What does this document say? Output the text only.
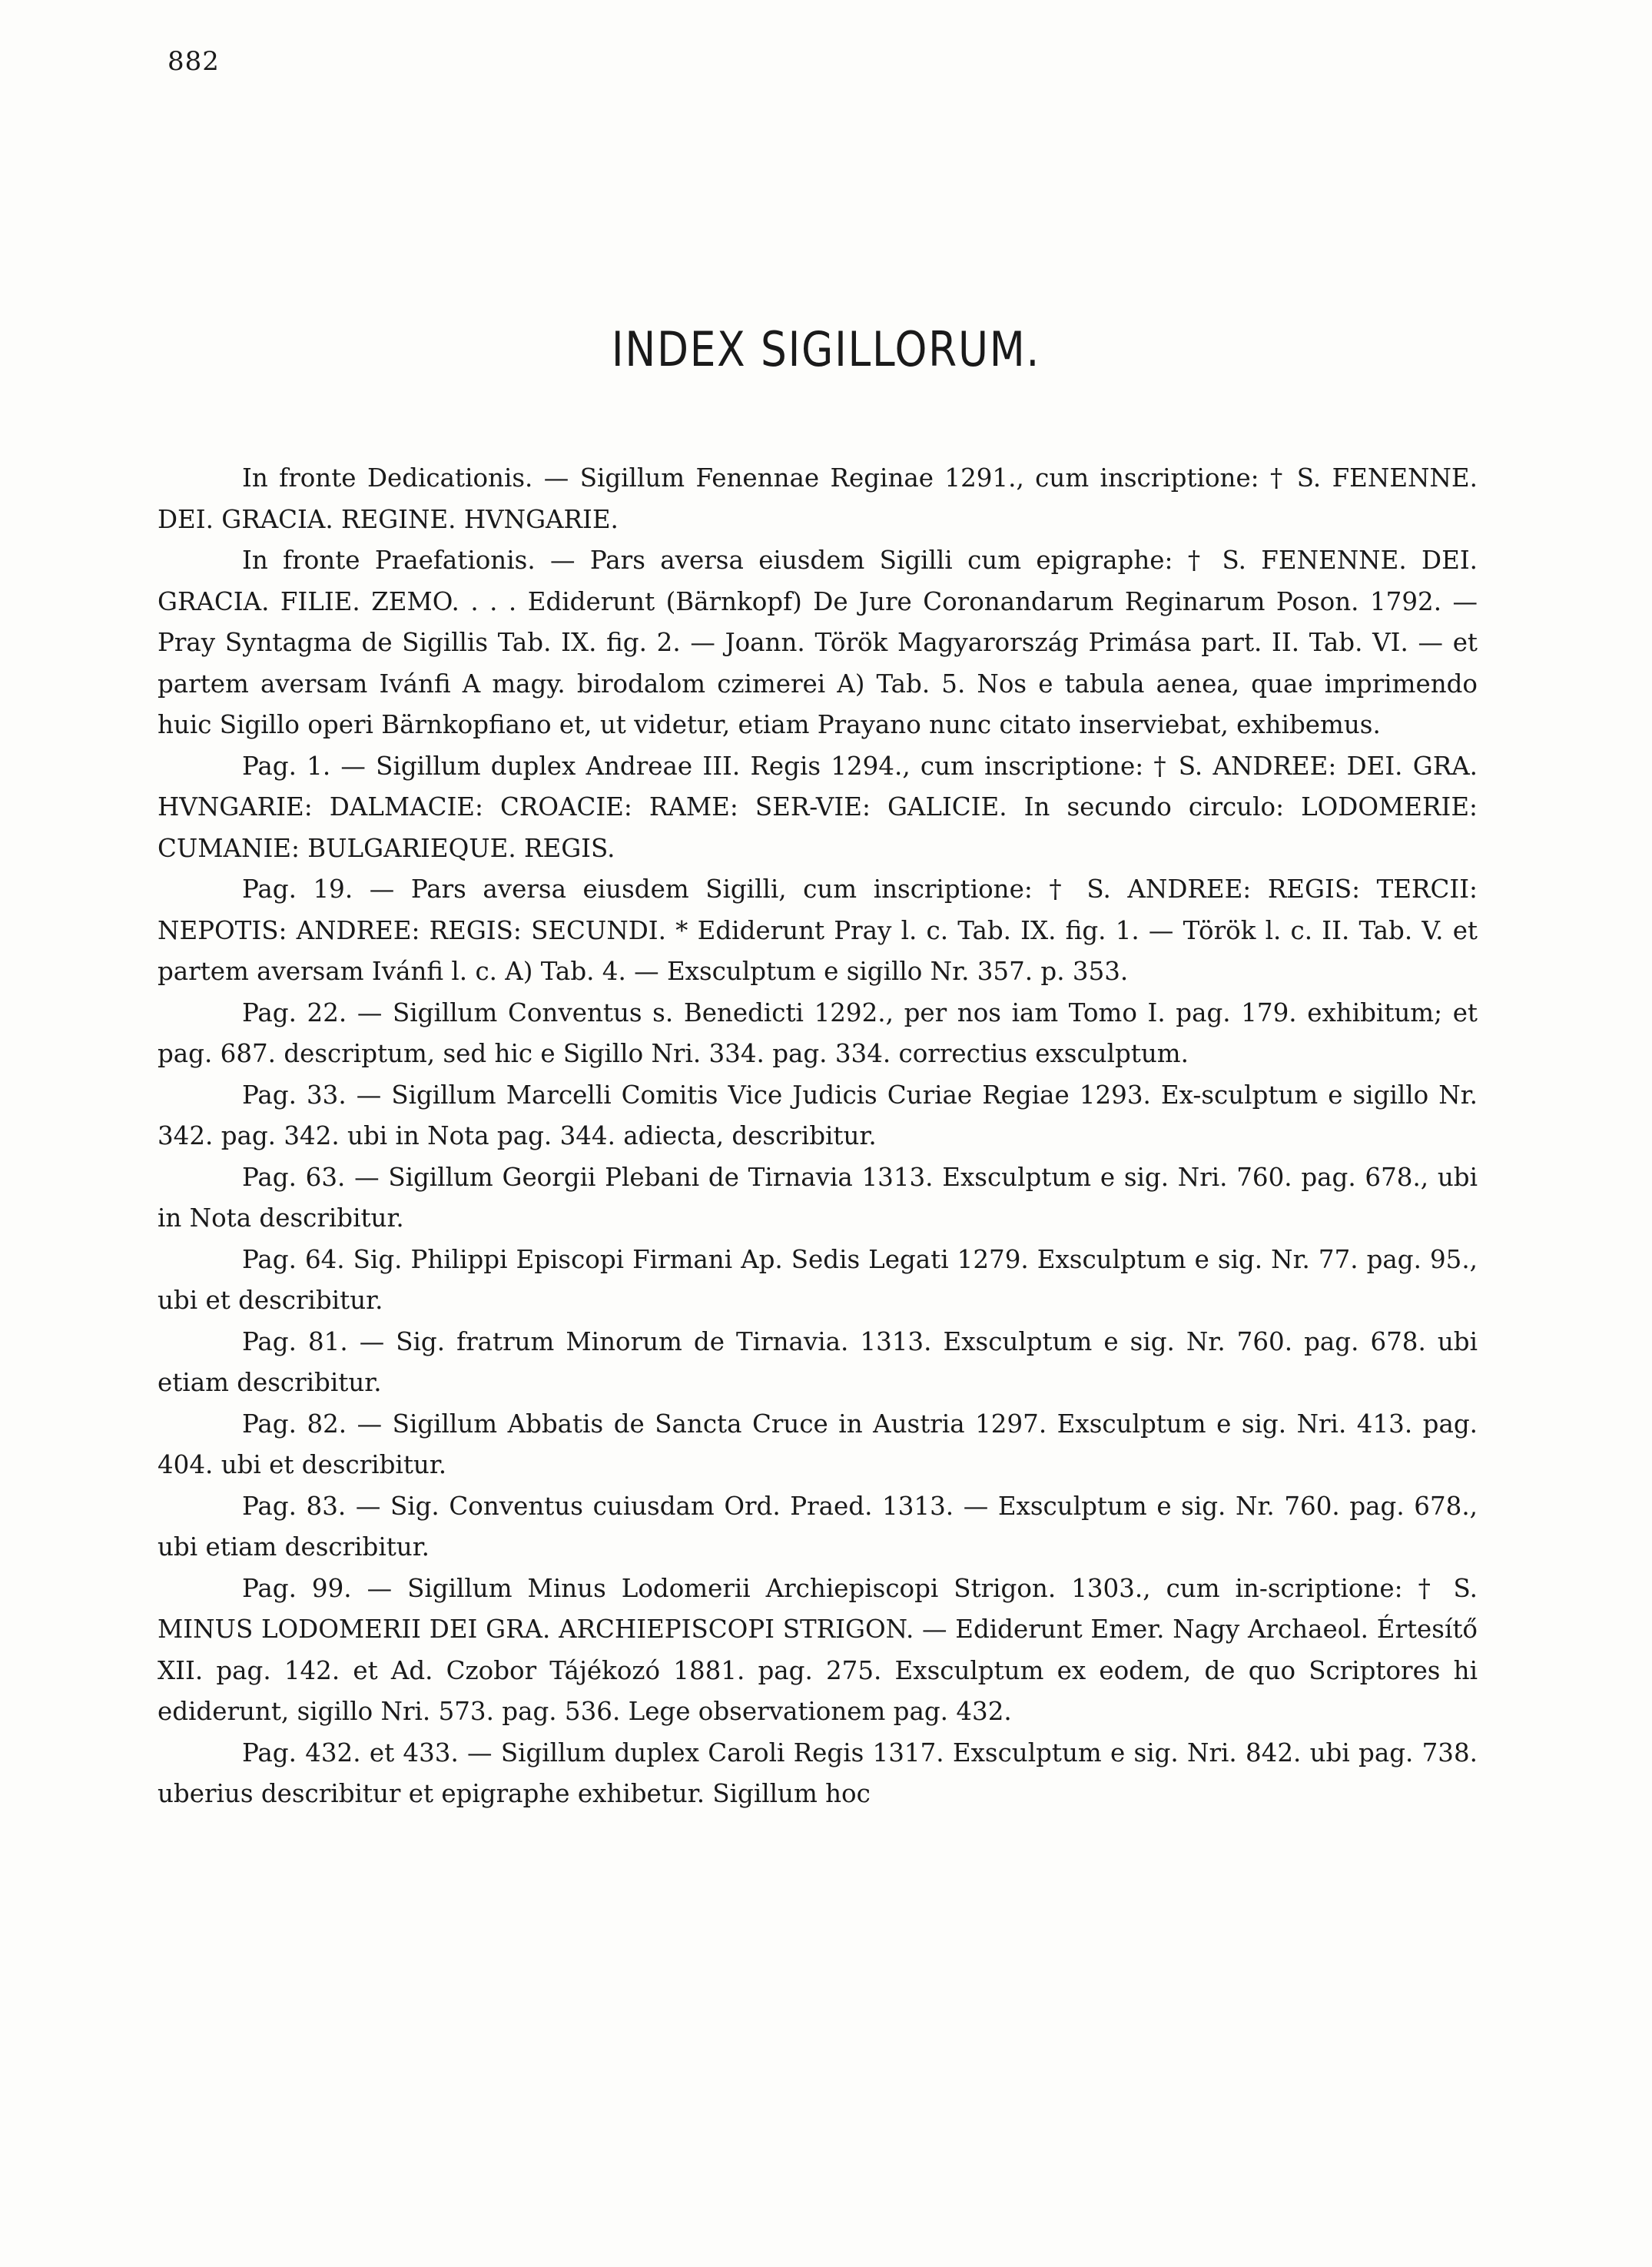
882
INDEX SIGILLORUM.

In fronte Dedicationis. — Sigillum Fenennae Reginae 1291., cum inscriptione: † S. FENENNE. DEI. GRACIA. REGINE. HVNGARIE.

In fronte Praefationis. — Pars aversa eiusdem Sigilli cum epigraphe: † S. FENENNE. DEI. GRACIA. FILIE. ZEMO. . . . Ediderunt (Bärnkopf) De Jure Coronandarum Reginarum Poson. 1792. — Pray Syntagma de Sigillis Tab. IX. fig. 2. — Joann. Török Magyarország Primása part. II. Tab. VI. — et partem aversam Ivánfi A magy. birodalom czimerei A) Tab. 5. Nos e tabula aenea, quae imprimendo huic Sigillo operi Bärnkopfiano et, ut videtur, etiam Prayano nunc citato inserviebat, exhibemus.

Pag. 1. — Sigillum duplex Andreae III. Regis 1294., cum inscriptione: † S. ANDREE: DEI. GRA. HVNGARIE: DALMACIE: CROACIE: RAME: SER-VIE: GALICIE. In secundo circulo: LODOMERIE: CUMANIE: BULGARIEQUE. REGIS.

Pag. 19. — Pars aversa eiusdem Sigilli, cum inscriptione: † S. ANDREE: REGIS: TERCII: NEPOTIS: ANDREE: REGIS: SECUNDI. * Ediderunt Pray l. c. Tab. IX. fig. 1. — Török l. c. II. Tab. V. et partem aversam Ivánfi l. c. A) Tab. 4. — Exsculptum e sigillo Nr. 357. p. 353.

Pag. 22. — Sigillum Conventus s. Benedicti 1292., per nos iam Tomo I. pag. 179. exhibitum; et pag. 687. descriptum, sed hic e Sigillo Nri. 334. pag. 334. correctius exsculptum.

Pag. 33. — Sigillum Marcelli Comitis Vice Judicis Curiae Regiae 1293. Ex-sculptum e sigillo Nr. 342. pag. 342. ubi in Nota pag. 344. adiecta, describitur.

Pag. 63. — Sigillum Georgii Plebani de Tirnavia 1313. Exsculptum e sig. Nri. 760. pag. 678., ubi in Nota describitur.

Pag. 64. Sig. Philippi Episcopi Firmani Ap. Sedis Legati 1279. Exsculptum e sig. Nr. 77. pag. 95., ubi et describitur.

Pag. 81. — Sig. fratrum Minorum de Tirnavia. 1313. Exsculptum e sig. Nr. 760. pag. 678. ubi etiam describitur.

Pag. 82. — Sigillum Abbatis de Sancta Cruce in Austria 1297. Exsculptum e sig. Nri. 413. pag. 404. ubi et describitur.

Pag. 83. — Sig. Conventus cuiusdam Ord. Praed. 1313. — Exsculptum e sig. Nr. 760. pag. 678., ubi etiam describitur.

Pag. 99. — Sigillum Minus Lodomerii Archiepiscopi Strigon. 1303., cum in-scriptione: † S. MINUS LODOMERII DEI GRA. ARCHIEPISCOPI STRIGON. — Ediderunt Emer. Nagy Archaeol. Értesítő XII. pag. 142. et Ad. Czobor Tájékozó 1881. pag. 275. Exsculptum ex eodem, de quo Scriptores hi ediderunt, sigillo Nri. 573. pag. 536. Lege observationem pag. 432.

Pag. 432. et 433. — Sigillum duplex Caroli Regis 1317. Exsculptum e sig. Nri. 842. ubi pag. 738. uberius describitur et epigraphe exhibetur. Sigillum hoc
